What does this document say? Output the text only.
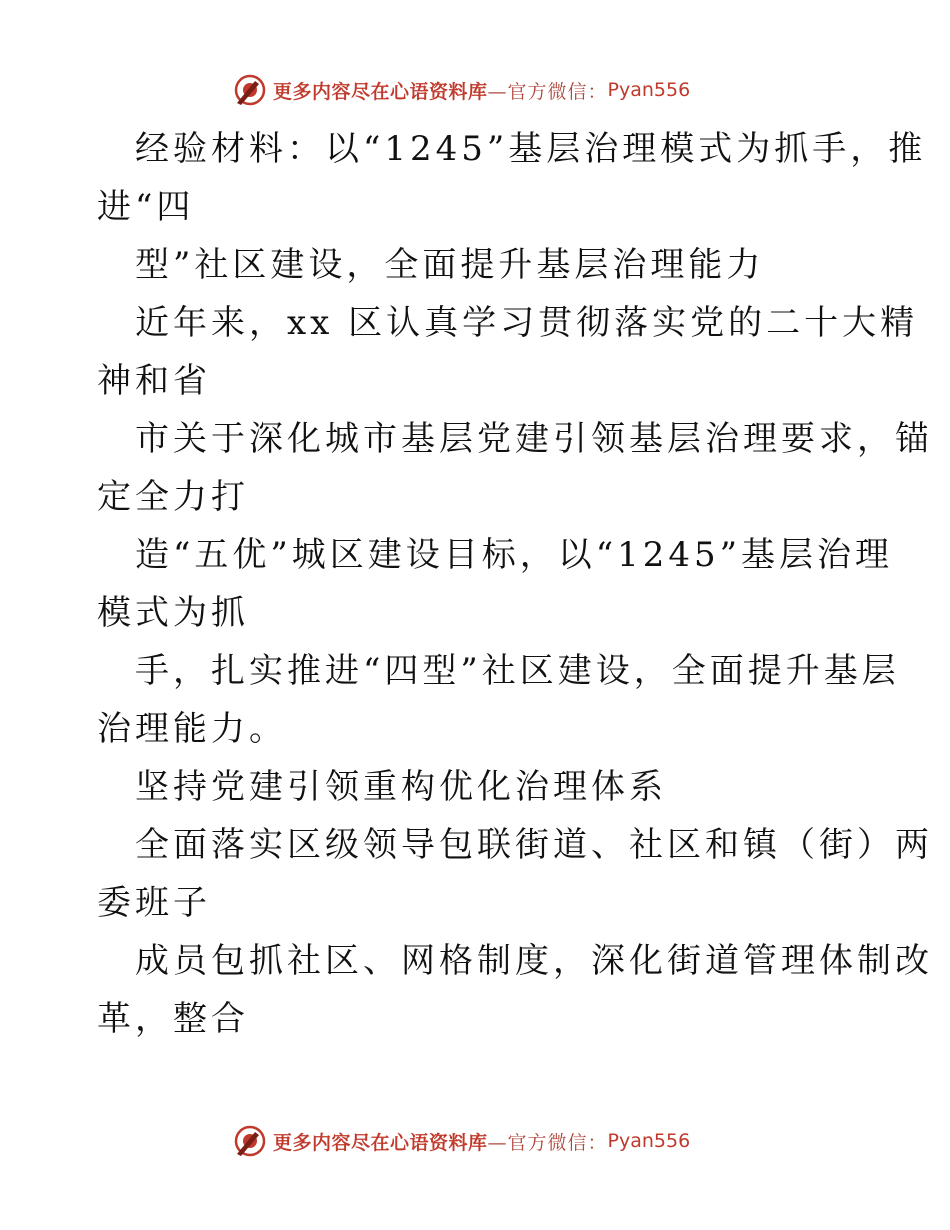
更多内容尽在心语资料库 —官方微信： Pyan556
经验材料：以“1245”基层治理模式为抓手，推
进“四
型”社区建设，全面提升基层治理能力
近年来，xx 区认真学习贯彻落实党的二十大精
神和省
市关于深化城市基层党建引领基层治理要求，锚
定全力打
造“五优”城区建设目标，以“1245”基层治理
模式为抓
手，扎实推进“四型”社区建设，全面提升基层
治理能力。
坚持党建引领重构优化治理体系
全面落实区级领导包联街道、社区和镇（街）两
委班子
成员包抓社区、网格制度，深化街道管理体制改
革，整合
更多内容尽在心语资料库 —官方微信： Pyan556
